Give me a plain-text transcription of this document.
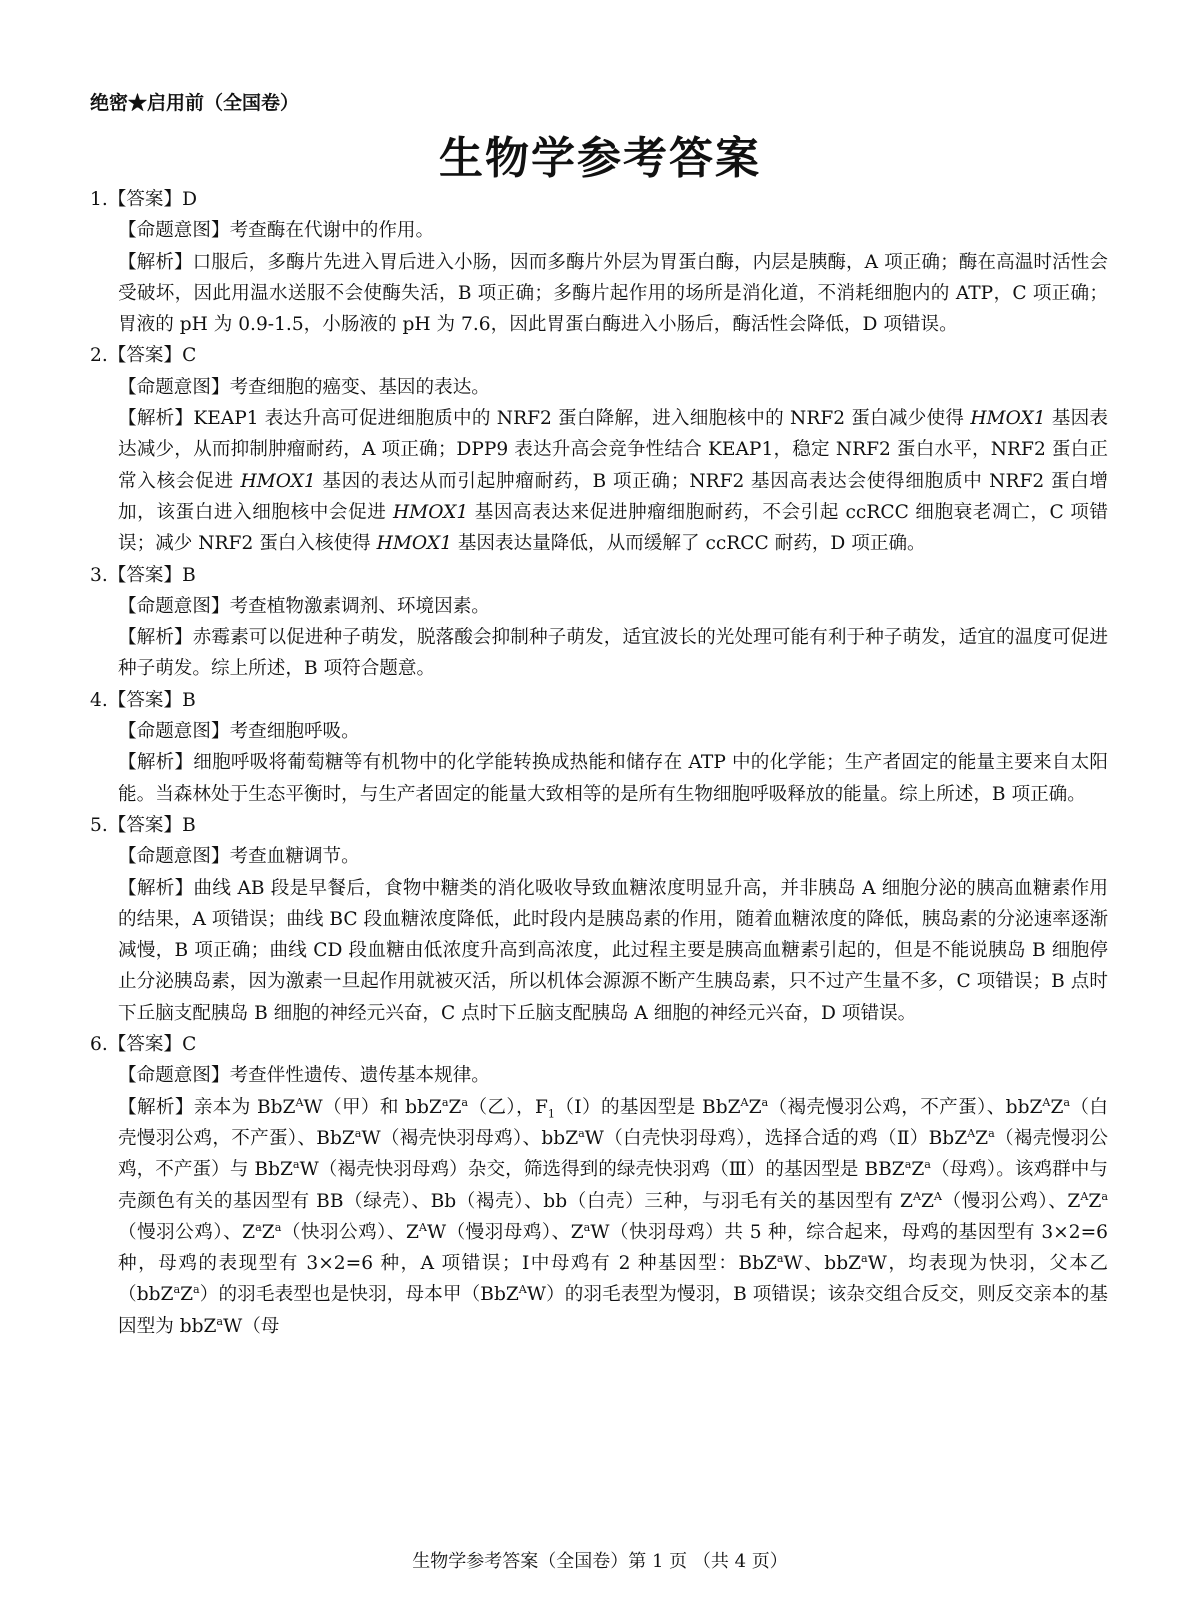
绝密★启用前（全国卷）
生物学参考答案

1.【答案】D

【命题意图】考查酶在代谢中的作用。

【解析】口服后，多酶片先进入胃后进入小肠，因而多酶片外层为胃蛋白酶，内层是胰酶，A 项正确；酶在高温时活性会受破坏，因此用温水送服不会使酶失活，B 项正确；多酶片起作用的场所是消化道，不消耗细胞内的 ATP，C 项正确；胃液的 pH 为 0.9-1.5，小肠液的 pH 为 7.6，因此胃蛋白酶进入小肠后，酶活性会降低，D 项错误。

2.【答案】C

【命题意图】考查细胞的癌变、基因的表达。

【解析】KEAP1 表达升高可促进细胞质中的 NRF2 蛋白降解，进入细胞核中的 NRF2 蛋白减少使得 HMOX1 基因表达减少，从而抑制肿瘤耐药，A 项正确；DPP9 表达升高会竞争性结合 KEAP1，稳定 NRF2 蛋白水平，NRF2 蛋白正常入核会促进 HMOX1 基因的表达从而引起肿瘤耐药，B 项正确；NRF2 基因高表达会使得细胞质中 NRF2 蛋白增加，该蛋白进入细胞核中会促进 HMOX1 基因高表达来促进肿瘤细胞耐药，不会引起 ccRCC 细胞衰老凋亡，C 项错误；减少 NRF2 蛋白入核使得 HMOX1 基因表达量降低，从而缓解了 ccRCC 耐药，D 项正确。

3.【答案】B

【命题意图】考查植物激素调剂、环境因素。

【解析】赤霉素可以促进种子萌发，脱落酸会抑制种子萌发，适宜波长的光处理可能有利于种子萌发，适宜的温度可促进种子萌发。综上所述，B 项符合题意。

4.【答案】B

【命题意图】考查细胞呼吸。

【解析】细胞呼吸将葡萄糖等有机物中的化学能转换成热能和储存在 ATP 中的化学能；生产者固定的能量主要来自太阳能。当森林处于生态平衡时，与生产者固定的能量大致相等的是所有生物细胞呼吸释放的能量。综上所述，B 项正确。

5.【答案】B

【命题意图】考查血糖调节。

【解析】曲线 AB 段是早餐后，食物中糖类的消化吸收导致血糖浓度明显升高，并非胰岛 A 细胞分泌的胰高血糖素作用的结果，A 项错误；曲线 BC 段血糖浓度降低，此时段内是胰岛素的作用，随着血糖浓度的降低，胰岛素的分泌速率逐渐减慢，B 项正确；曲线 CD 段血糖由低浓度升高到高浓度，此过程主要是胰高血糖素引起的，但是不能说胰岛 B 细胞停止分泌胰岛素，因为激素一旦起作用就被灭活，所以机体会源源不断产生胰岛素，只不过产生量不多，C 项错误；B 点时下丘脑支配胰岛 B 细胞的神经元兴奋，C 点时下丘脑支配胰岛 A 细胞的神经元兴奋，D 项错误。

6.【答案】C

【命题意图】考查伴性遗传、遗传基本规律。

【解析】亲本为 BbZ$^A$W（甲）和 $bbZ^aZ^a$（乙），$F_1(Ⅰ)$的基因型是 $BbZ^AZ^a$（褐壳慢羽公鸡，不产蛋）、$bbZ^AZ^a$（白壳慢羽公鸡，不产蛋）、BbZ$^a$W（褐壳快羽母鸡）、bbZ$^a$W（白壳快羽母鸡），选择合适的鸡$(Ⅱ)BbZ^AZ^a$（褐壳慢羽公鸡，不产蛋）与 BbZ$^a$W（褐壳快羽母鸡）杂交，筛选得到的绿壳快羽鸡（Ⅲ）的基因型是 $BBZ^aZ^a$（母鸡）。该鸡群中与壳颜色有关的基因型有 BB（绿壳）、Bb（褐壳）、bb（白壳）三种，与羽毛有关的基因型有 $Z^AZ^A$（慢羽公鸡）、$Z^AZ^a$（慢羽公鸡）、$Z^aZ^a$（快羽公鸡）、$Z^AW$（慢羽母鸡）、$Z^aW$（快羽母鸡）共 5 种，综合起来，母鸡的基因型有 3×2=6 种，母鸡的表现型有 3×2=6 种，A 项错误；Ⅰ中母鸡有 2 种基因型：BbZ$^a$W、bbZ$^a$W，均表现为快羽，父本乙$(bbZ^aZ^a)$的羽毛表型也是快羽，母本甲（BbZ$^A$W）的羽毛表型为慢羽，B 项错误；该杂交组合反交，则反交亲本的基因型为 bbZ$^a$W（母

生物学参考答案（全国卷）第 1 页 （共 4 页）
